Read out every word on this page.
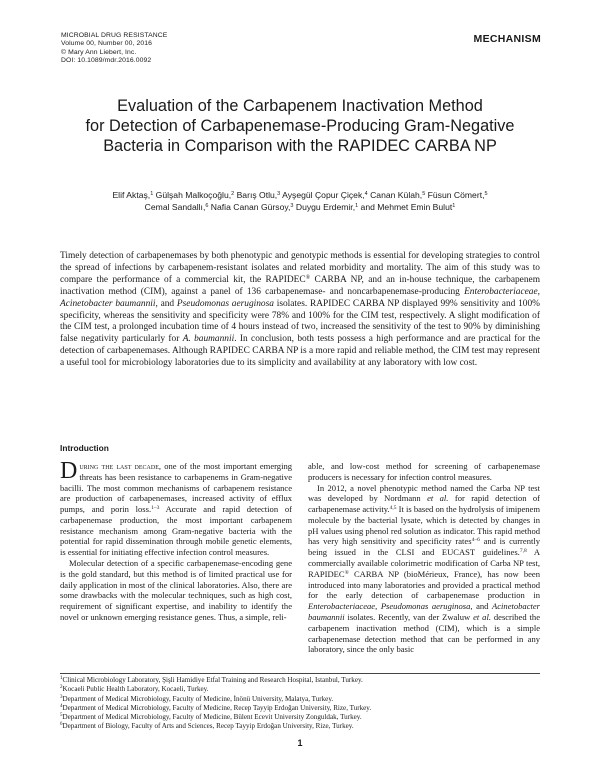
MICROBIAL DRUG RESISTANCE
Volume 00, Number 00, 2016
© Mary Ann Liebert, Inc.
DOI: 10.1089/mdr.2016.0092
MECHANISM
Evaluation of the Carbapenem Inactivation Method
for Detection of Carbapenemase-Producing Gram-Negative
Bacteria in Comparison with the RAPIDEC CARBA NP
Elif Aktaş,$^1$ Gülşah Malkoçoğlu,$^2$ Barış Otlu,$^3$ Ayşegül Çopur Çiçek,$^4$ Canan Külah,$^5$ Füsun Cömert,$^5$
Cemal Sandallı,$^6$ Nafia Canan Gürsoy,$^3$ Duygu Erdemir,$^1$ and Mehmet Emin Bulut$^1$

Timely detection of carbapenemases by both phenotypic and genotypic methods is essential for developing strategies to control the spread of infections by carbapenem-resistant isolates and related morbidity and mortality. The aim of this study was to compare the performance of a commercial kit, the RAPIDEC® CARBA NP, and an in-house technique, the carbapenem inactivation method (CIM), against a panel of 136 carbapenemase- and noncarbapenemase-producing Enterobacteriaceae, Acinetobacter baumannii, and Pseudomonas aeruginosa isolates. RAPIDEC CARBA NP displayed 99% sensitivity and 100% specificity, whereas the sensitivity and specificity were 78% and 100% for the CIM test, respectively. A slight modification of the CIM test, a prolonged incubation time of 4 hours instead of two, increased the sensitivity of the test to 90% by diminishing false negativity particularly for A. baumannii. In conclusion, both tests possess a high performance and are practical for the detection of carbapenemases. Although RAPIDEC CARBA NP is a more rapid and reliable method, the CIM test may represent a useful tool for microbiology laboratories due to its simplicity and availability at any laboratory with low cost.

Introduction

During the last decade, one of the most important emerging threats has been resistance to carbapenems in Gram-negative bacilli. The most common mechanisms of carbapenem resistance are production of carbapenemases, increased activity of efflux pumps, and porin loss.$^{1-3}$ Accurate and rapid detection of carbapenemase production, the most important carbapenem resistance mechanism among Gram-negative bacteria with the potential for rapid dissemination through mobile genetic elements, is essential for initiating effective infection control measures.

Molecular detection of a specific carbapenemase-encoding gene is the gold standard, but this method is of limited practical use for daily application in most of the clinical laboratories. Also, there are some drawbacks with the molecular techniques, such as high cost, requirement of significant expertise, and inability to identify the novel or unknown emerging resistance genes. Thus, a simple, reli-

able, and low-cost method for screening of carbapenemase producers is necessary for infection control measures.

In 2012, a novel phenotypic method named the Carba NP test was developed by Nordmann et al. for rapid detection of carbapenemase activity.$^{4,5}$ It is based on the hydrolysis of imipenem molecule by the bacterial lysate, which is detected by changes in pH values using phenol red solution as indicator. This rapid method has very high sensitivity and specificity rates$^{4-6}$ and is currently being issued in the CLSI and EUCAST guidelines.$^{7,8}$ A commercially available colorimetric modification of Carba NP test, RAPIDEC® CARBA NP (bioMérieux, France), has now been introduced into many laboratories and provided a practical method for the early detection of carbapenemase production in Enterobacteriaceae, Pseudomonas aeruginosa, and Acinetobacter baumannii isolates. Recently, van der Zwaluw et al. described the carbapenem inactivation method (CIM), which is a simple carbapenemase detection method that can be performed in any laboratory, since the only basic

$^1$Clinical Microbiology Laboratory, Şişli Hamidiye Etfal Training and Research Hospital, Istanbul, Turkey.
$^2$Kocaeli Public Health Laboratory, Kocaeli, Turkey.
$^3$Department of Medical Microbiology, Faculty of Medicine, İnönü University, Malatya, Turkey.
$^4$Department of Medical Microbiology, Faculty of Medicine, Recep Tayyip Erdoğan University, Rize, Turkey.
$^5$Department of Medical Microbiology, Faculty of Medicine, Bülent Ecevit University Zonguldak, Turkey.
$^6$Department of Biology, Faculty of Arts and Sciences, Recep Tayyip Erdoğan University, Rize, Turkey.
1
